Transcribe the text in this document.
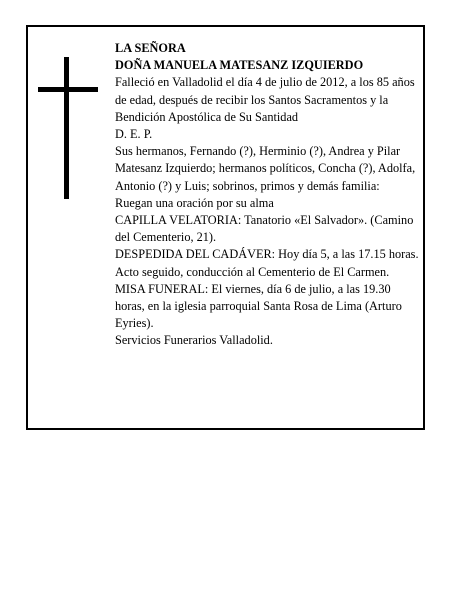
LA SEÑORA

DOÑA MANUELA MATESANZ IZQUIERDO

Falleció en Valladolid el día 4 de julio de 2012, a los 85 años de edad, después de recibir los Santos Sacramentos y la Bendición Apostólica de Su Santidad

D. E. P.

Sus hermanos, Fernando (?), Herminio (?), Andrea y Pilar Matesanz Izquierdo; hermanos políticos, Concha (?), Adolfa, Antonio (?) y Luis; sobrinos, primos y demás familia:

Ruegan una oración por su alma

CAPILLA VELATORIA: Tanatorio «El Salvador». (Camino del Cementerio, 21).

DESPEDIDA DEL CADÁVER: Hoy día 5, a las 17.15 horas. Acto seguido, conducción al Cementerio de El Carmen.

MISA FUNERAL: El viernes, día 6 de julio, a las 19.30 horas, en la iglesia parroquial Santa Rosa de Lima (Arturo Eyries).

Servicios Funerarios Valladolid.
